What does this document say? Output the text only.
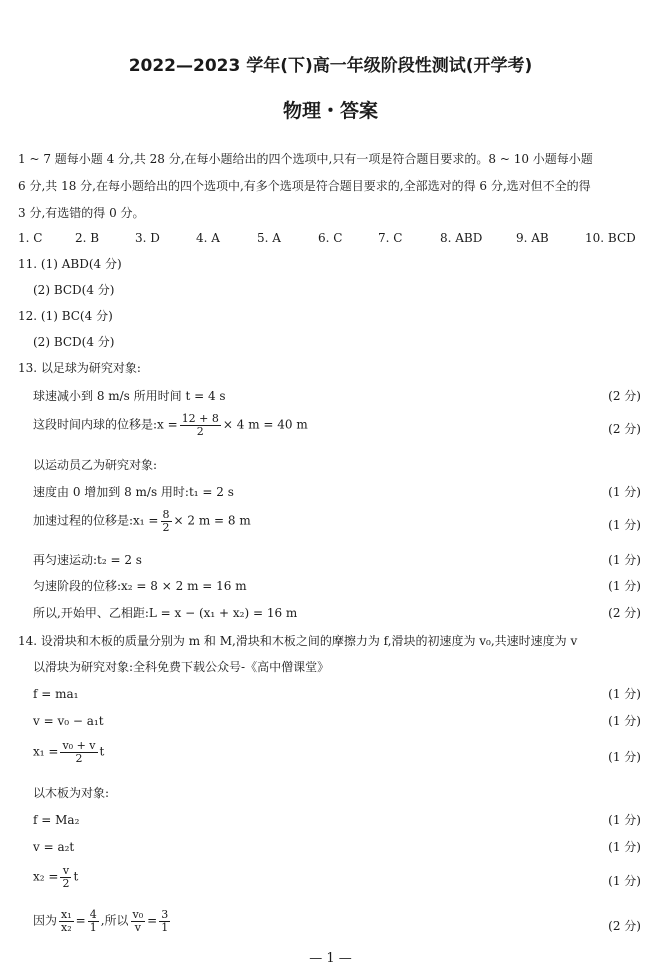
2022—2023 学年(下)高一年级阶段性测试(开学考)
物理・答案
1 ~ 7 题每小题 4 分,共 28 分,在每小题给出的四个选项中,只有一项是符合题目要求的。8 ~ 10 小题每小题
6 分,共 18 分,在每小题给出的四个选项中,有多个选项是符合题目要求的,全部选对的得 6 分,选对但不全的得
3 分,有选错的得 0 分。
1. C	2. B	3. D	4. A	5. A	6. C	7. C	8. ABD	9. AB	10. BCD
11. (1) ABD(4 分)
(2) BCD(4 分)
12. (1) BC(4 分)
(2) BCD(4 分)
13. 以足球为研究对象:
球速减小到 8 m/s 所用时间 t = 4 s	(2 分)
这段时间内球的位移是:x = $\frac{12 + 8}{2} \times 4$ m = 40 m	(2 分)
以运动员乙为研究对象:
速度由 0 增加到 8 m/s 用时:t₁ = 2 s	(1 分)
加速过程的位移是:x₁ = $\frac{8}{2} \times 2$ m = 8 m	(1 分)
再匀速运动:t₂ = 2 s	(1 分)
匀速阶段的位移:x₂ = 8 × 2 m = 16 m	(1 分)
所以,开始甲、乙相距:L = x − (x₁ + x₂) = 16 m	(2 分)
14. 设滑块和木板的质量分别为 m 和 M,滑块和木板之间的摩擦力为 f,滑块的初速度为 v₀,共速时速度为 v
以滑块为研究对象:全科免费下载公众号-《高中僧课堂》
f = ma₁	(1 分)
v = v₀ − a₁t	(1 分)
$x_1 = \frac{\text{v₀ + v}}{2}$ t	(1 分)
以木板为对象:
f = Ma₂	(1 分)
v = a₂t	(1 分)
$x_2 = \frac{v}{2}$ t	(1 分)
因为 $\frac{\text{x₁}}{\text{x₂}} = \frac{4}{1}$ ,所以 $\frac{\text{v₀}}{v} = \frac{3}{1}$	(2 分)
— 1 —
